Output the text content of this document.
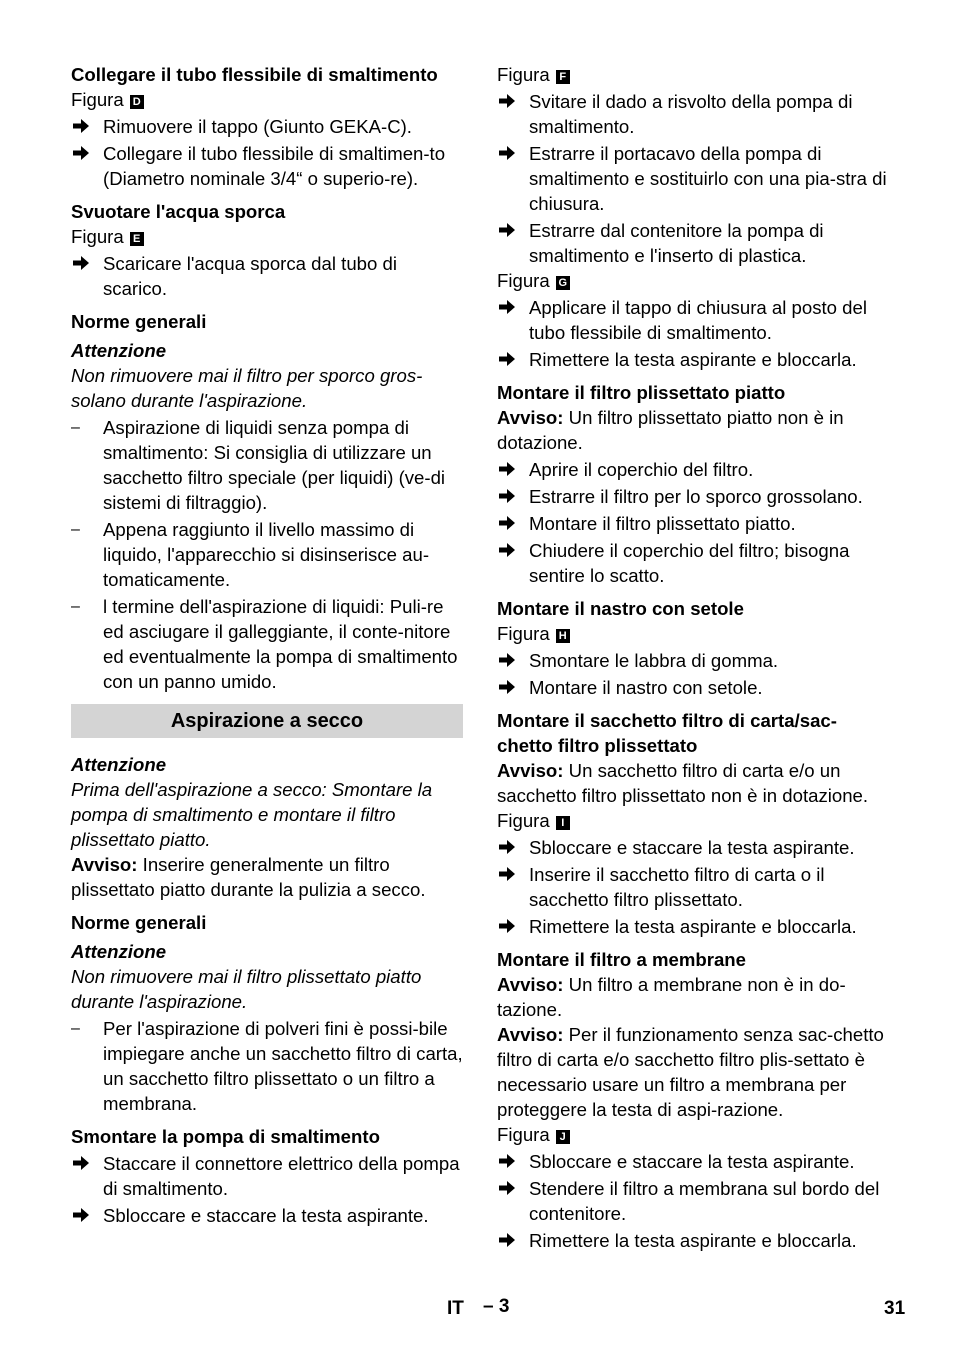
Collegare il tubo flessibile di smaltimento
Figura D
Rimuovere il tappo (Giunto GEKA-C).
Collegare il tubo flessibile di smaltimen-to (Diametro nominale 3/4“ o superio-re).
Svuotare l'acqua sporca
Figura E
Scaricare l'acqua sporca dal tubo di scarico.
Norme generali
Attenzione
Non rimuovere mai il filtro per sporco gros-solano durante l'aspirazione.
–	Aspirazione di liquidi senza pompa di smaltimento: Si consiglia di utilizzare un sacchetto filtro speciale (per liquidi) (ve-di sistemi di filtraggio).
–	Appena raggiunto il livello massimo di liquido, l'apparecchio si disinserisce au-tomaticamente.
–	l termine dell'aspirazione di liquidi: Puli-re ed asciugare il galleggiante, il conte-nitore ed eventualmente la pompa di smaltimento con un panno umido.
Aspirazione a secco
Attenzione
Prima dell'aspirazione a secco: Smontare la pompa di smaltimento e montare il filtro plissettato piatto.
Avviso: Inserire generalmente un filtro plissettato piatto durante la pulizia a secco.
Norme generali
Attenzione
Non rimuovere mai il filtro plissettato piatto durante l'aspirazione.
–	Per l'aspirazione di polveri fini è possi-bile impiegare anche un sacchetto filtro di carta, un sacchetto filtro plissettato o un filtro a membrana.
Smontare la pompa di smaltimento
Staccare il connettore elettrico della pompa di smaltimento.
Sbloccare e staccare la testa aspirante.
Figura F
Svitare il dado a risvolto della pompa di smaltimento.
Estrarre il portacavo della pompa di smaltimento e sostituirlo con una pia-stra di chiusura.
Estrarre dal contenitore la pompa di smaltimento e l'inserto di plastica.
Figura G
Applicare il tappo di chiusura al posto del tubo flessibile di smaltimento.
Rimettere la testa aspirante e bloccarla.
Montare il filtro plissettato piatto
Avviso: Un filtro plissettato piatto non è in dotazione.
Aprire il coperchio del filtro.
Estrarre il filtro per lo sporco grossolano.
Montare il filtro plissettato piatto.
Chiudere il coperchio del filtro; bisogna sentire lo scatto.
Montare il nastro con setole
Figura H
Smontare le labbra di gomma.
Montare il nastro con setole.
Montare il sacchetto filtro di carta/sac-chetto filtro plissettato
Avviso: Un sacchetto filtro di carta e/o un sacchetto filtro plissettato non è in dotazione.
Figura I
Sbloccare e staccare la testa aspirante.
Inserire il sacchetto filtro di carta o il sacchetto filtro plissettato.
Rimettere la testa aspirante e bloccarla.
Montare il filtro a membrane
Avviso: Un filtro a membrane non è in do-tazione.
Avviso: Per il funzionamento senza sac-chetto filtro di carta e/o sacchetto filtro plis-settato è necessario usare un filtro a membrana per proteggere la testa di aspi-razione.
Figura J
Sbloccare e staccare la testa aspirante.
Stendere il filtro a membrana sul bordo del contenitore.
Rimettere la testa aspirante e bloccarla.
IT – 3	31
